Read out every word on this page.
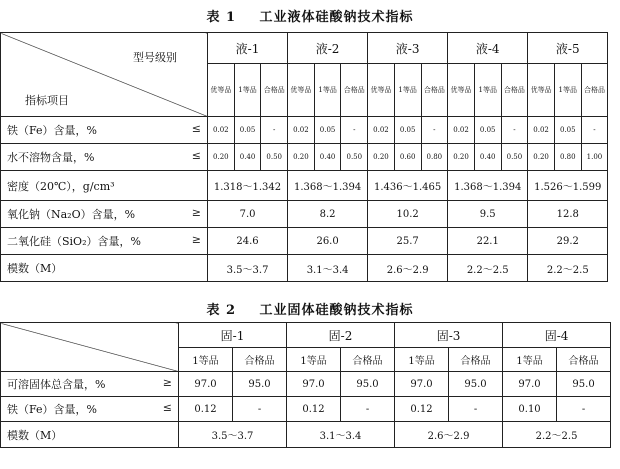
表 1 工业液体硅酸钠技术指标
型号级别
指标项目	液-1			液-2			液-3			液-4			液-5		
	优等品	1等品	合格品	优等品	1等品	合格品	优等品	1等品	合格品	优等品	1等品	合格品	优等品	1等品	合格品
铁（Fe）含量，% ≤	0.02	0.05	-	0.02	0.05	-	0.02	0.05	-	0.02	0.05	-	0.02	0.05	-
水不溶物含量，% ≤	0.20	0.40	0.50	0.20	0.40	0.50	0.20	0.60	0.80	0.20	0.40	0.50	0.20	0.80	1.00
密度（20℃），g/cm³	1.318～1.342			1.368～1.394			1.436～1.465			1.368～1.394			1.526～1.599		
氧化钠（Na₂O）含量，% ≥	7.0			8.2			10.2			9.5			12.8		
二氧化硅（SiO₂）含量，% ≥	24.6			26.0			25.7			22.1			29.2		
模数（M）	3.5～3.7			3.1～3.4			2.6～2.9			2.2～2.5			2.2～2.5		
表 2 工业固体硅酸钠技术指标
	固-1		固-2		固-3		固-4	
	1等品	合格品	1等品	合格品	1等品	合格品	1等品	合格品
可溶固体总含量，% ≥	97.0	95.0	97.0	95.0	97.0	95.0	97.0	95.0
铁（Fe）含量，% ≤	0.12	-	0.12	-	0.12	-	0.10	-
模数（M）	3.5～3.7		3.1～3.4		2.6～2.9		2.2～2.5	
